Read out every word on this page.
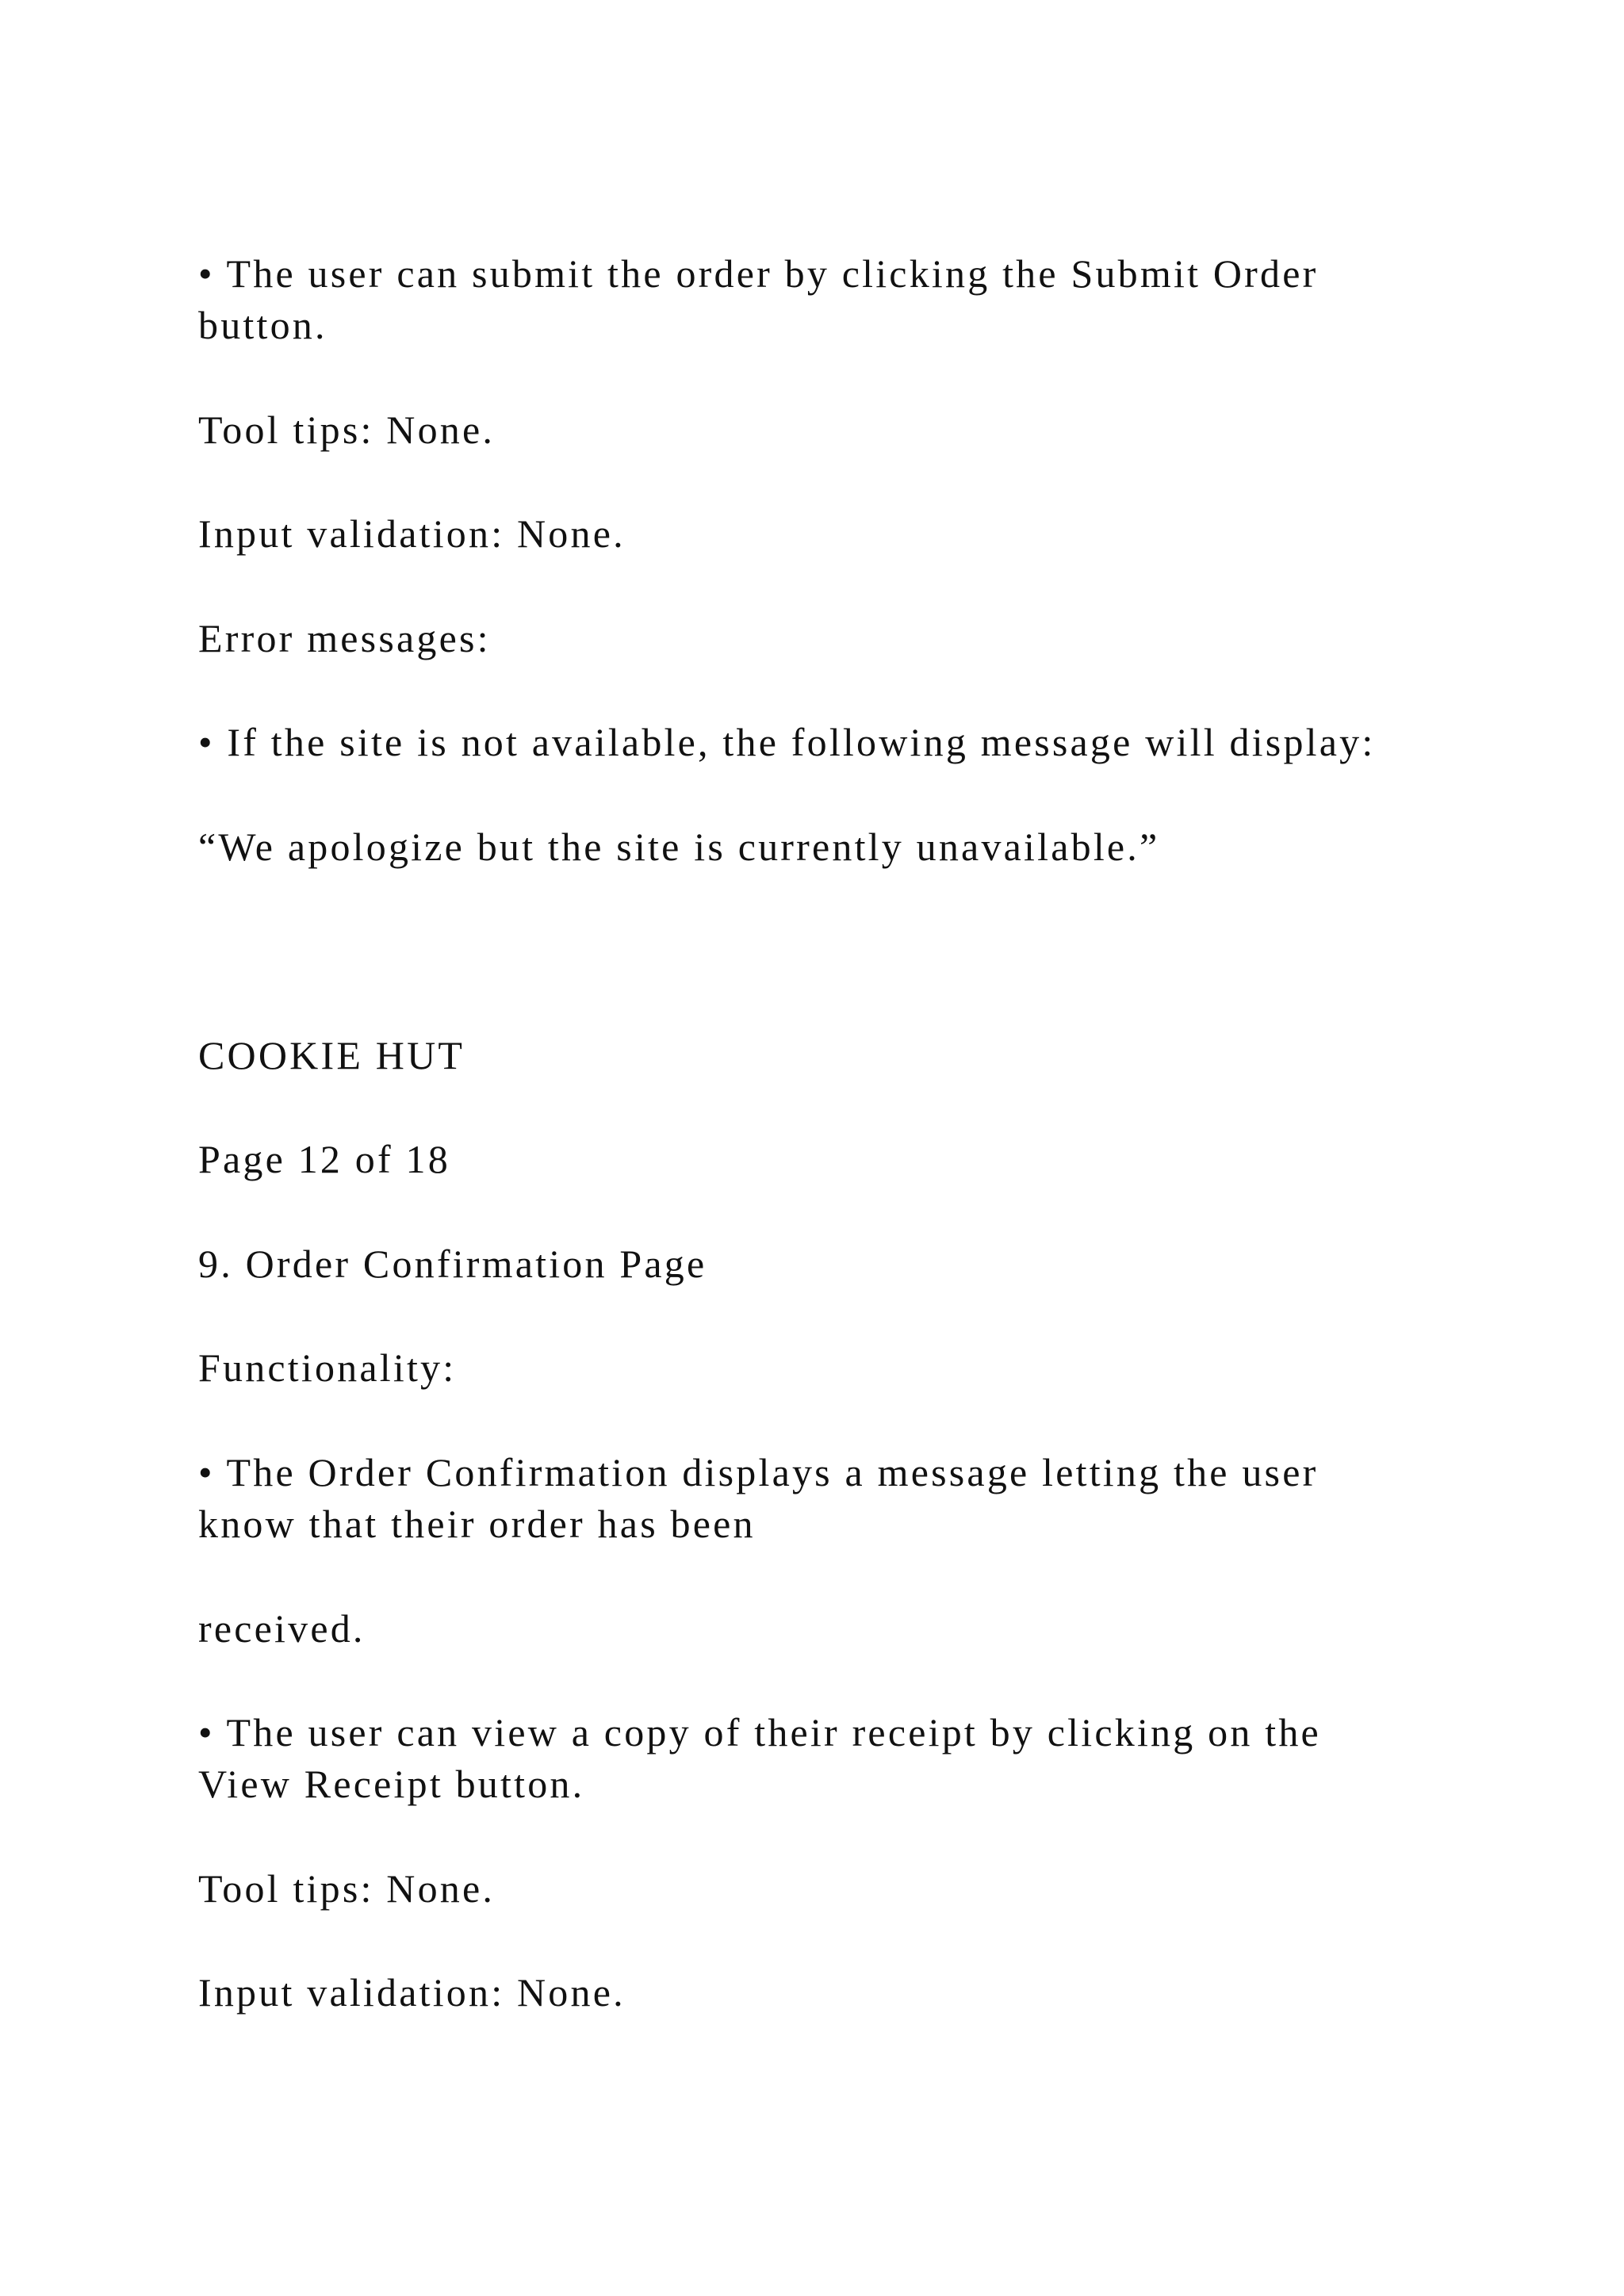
• The user can submit the order by clicking the Submit Order

button.

Tool tips: None.

Input validation: None.

Error messages:

• If the site is not available, the following message will display:

“We apologize but the site is currently unavailable.”

COOKIE HUT

Page 12 of 18

9. Order Confirmation Page

Functionality:

• The Order Confirmation displays a message letting the user

know that their order has been

received.

• The user can view a copy of their receipt by clicking on the

View Receipt button.

Tool tips: None.

Input validation: None.
